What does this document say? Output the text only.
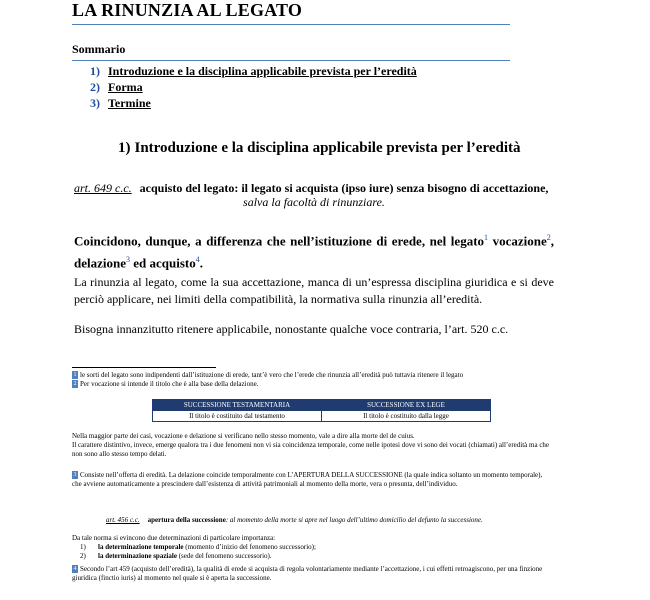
LA RINUNZIA AL LEGATO
Sommario
1) Introduzione e la disciplina applicabile prevista per l’eredità
2) Forma
3) Termine
1) Introduzione e la disciplina applicabile prevista per l’eredità
art. 649 c.c. acquisto del legato: il legato si acquista (ipso iure) senza bisogno di accettazione,
salva la facoltà di rinunziare.
Coincidono, dunque, a differenza che nell’istituzione di erede, nel legato$^1$ vocazione$^2$, delazione$^3$ ed acquisto$^4$.
La rinunzia al legato, come la sua accettazione, manca di un’espressa disciplina giuridica e si deve perciò applicare, nei limiti della compatibilità, la normativa sulla rinunzia all’eredità.
Bisogna innanzitutto ritenere applicabile, nonostante qualche voce contraria, l’art. 520 c.c.
1 le sorti del legato sono indipendenti dall’istituzione di erede, tant’è vero che l’erede che rinunzia all’eredità può tuttavia ritenere il legato
2 Per vocazione si intende il titolo che è alla base della delazione.
SUCCESSIONE TESTAMENTARIA	SUCCESSIONE EX LEGE
Il titolo è costituito dal testamento	Il titolo è costituito dalla legge
Nella maggior parte dei casi, vocazione e delazione si verificano nello stesso momento, vale a dire alla morte del de cuius.
Il carattere distintivo, invece, emerge qualora tra i due fenomeni non vi sia coincidenza temporale, come nelle ipotesi dove vi sono dei vocati (chiamati) all’eredità ma che non sono allo stesso tempo delati.
3 Consiste nell’offerta di eredità. La delazione coincide temporalmente con L’APERTURA DELLA SUCCESSIONE (la quale indica soltanto un momento temporale), che avviene automaticamente a prescindere dall’esistenza di attività patrimoniali al momento della morte, vera o presunta, dell’individuo.
art. 456 c.c. apertura della successione: al momento della morte si apre nel luogo dell’ultimo domicilio del defunto la successione.
Da tale norma si evincono due determinazioni di particolare importanza:
1) la determinazione temporale (momento d’inizio del fenomeno successorio);
2) la determinazione spaziale (sede del fenomeno successorio).
4 Secondo l’art 459 (acquisto dell’eredità), la qualità di erede si acquista di regola volontariamente mediante l’accettazione, i cui effetti retroagiscono, per una finzione giuridica (finctio iuris) al momento nel quale si è aperta la successione.
